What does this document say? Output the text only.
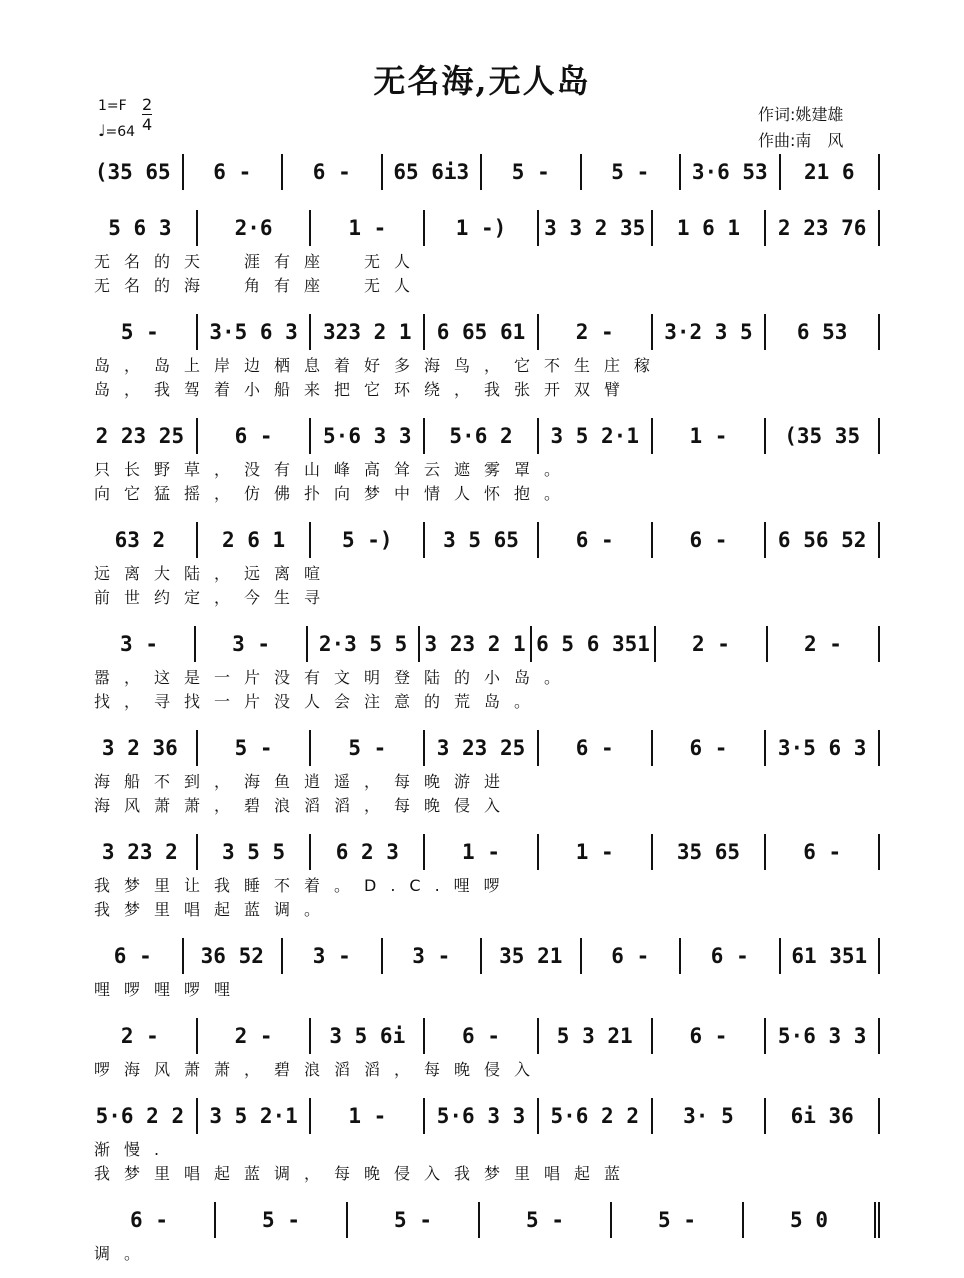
无名海,无人岛
1=F
♩=64 $\frac{2}{4}$	作词:姚建雄
作曲:南　风
(35 65	6 -	6 -	65 6i3	5 -	5 -	3·6 53	21 6
5 6 3	2·6	1 -	1 -)	3 3 2 35	1 6 1	2 23 76
无名的天　涯有座　无人
无名的海　角有座　无人
5 -	3·5 6 3	323 2 1	6 65 61	2 -	3·2 3 5	6 53
岛，岛上岸边栖息着好多海鸟，它不生庄稼
岛，我驾着小船来把它环绕，我张开双臂
2 23 25	6 -	5·6 3 3	5·6 2	3 5 2·1	1 -	(35 35
只长野草，没有山峰高耸云遮雾罩。
向它猛摇，仿佛扑向梦中情人怀抱。
63 2	2 6 1	5 -)	3 5 65	6 -	6 -	6 56 52
远离大陆，远离喧
前世约定，今生寻
3 -	3 -	2·3 5 5 3 23 2 1 6 5 6 351	2 -	2 -
嚣，这是一片没有文明登陆的小岛。
找，寻找一片没人会注意的荒岛。
3 2 36	5 -	5 -	3 23 25	6 -	6 -	3·5 6 3
海船不到，海鱼逍遥，每晚游进
海风萧萧，碧浪滔滔，每晚侵入
3 23 2	3 5 5	6 2 3	1 -	1 -	35 65	6 -
我梦里让我睡不着。D.C.哩啰
我梦里唱起蓝调。
6 -	36 52	3 -	3 -	35 21	6 -	6 -	61 351
哩啰哩啰哩
2 -	2 -	3 5 6i	6 -	5 3 21	6 -	5·6 3 3
啰海风萧萧，碧浪滔滔，每晚侵入
5·6 2 2	3 5 2·1	1 -	5·6 3 3	5·6 2 2	3· 5	6i 36
渐慢.
我梦里唱起蓝调，每晚侵入我梦里唱起蓝
6 -	5 -	5 -	5 -	5 -	5 0
调。
